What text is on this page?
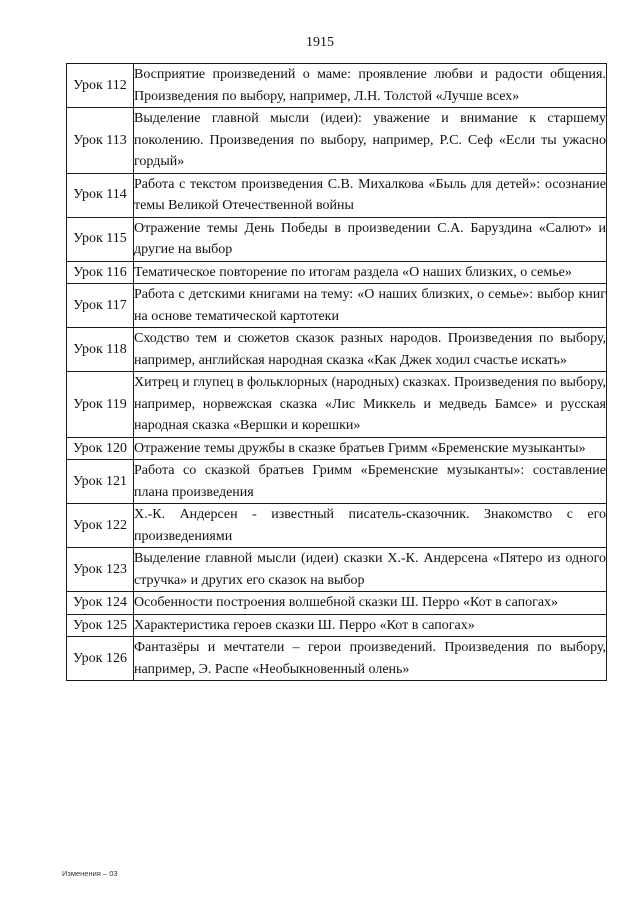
1915
Урок 112	Восприятие произведений о маме: проявление любви и радости общения. Произведения по выбору, например, Л.Н. Толстой «Лучше всех»
Урок 113	Выделение главной мысли (идеи): уважение и внимание к старшему поколению. Произведения по выбору, например, Р.С. Сеф «Если ты ужасно гордый»
Урок 114	Работа с текстом произведения С.В. Михалкова «Быль для детей»: осознание темы Великой Отечественной войны
Урок 115	Отражение темы День Победы в произведении С.А. Баруздина «Салют» и другие на выбор
Урок 116	Тематическое повторение по итогам раздела «О наших близких, о семье»
Урок 117	Работа с детскими книгами на тему: «О наших близких, о семье»: выбор книг на основе тематической картотеки
Урок 118	Сходство тем и сюжетов сказок разных народов. Произведения по выбору, например, английская народная сказка «Как Джек ходил счастье искать»
Урок 119	Хитрец и глупец в фольклорных (народных) сказках. Произведения по выбору, например, норвежская сказка «Лис Миккель и медведь Бамсе» и русская народная сказка «Вершки и корешки»
Урок 120	Отражение темы дружбы в сказке братьев Гримм «Бременские музыканты»
Урок 121	Работа со сказкой братьев Гримм «Бременские музыканты»: составление плана произведения
Урок 122	Х.-К. Андерсен - известный писатель-сказочник. Знакомство с его произведениями
Урок 123	Выделение главной мысли (идеи) сказки Х.-К. Андерсена «Пятеро из одного стручка» и других его сказок на выбор
Урок 124	Особенности построения волшебной сказки Ш. Перро «Кот в сапогах»
Урок 125	Характеристика героев сказки Ш. Перро «Кот в сапогах»
Урок 126	Фантазёры и мечтатели – герои произведений. Произведения по выбору, например, Э. Распе «Необыкновенный олень»
Изменения – 03
